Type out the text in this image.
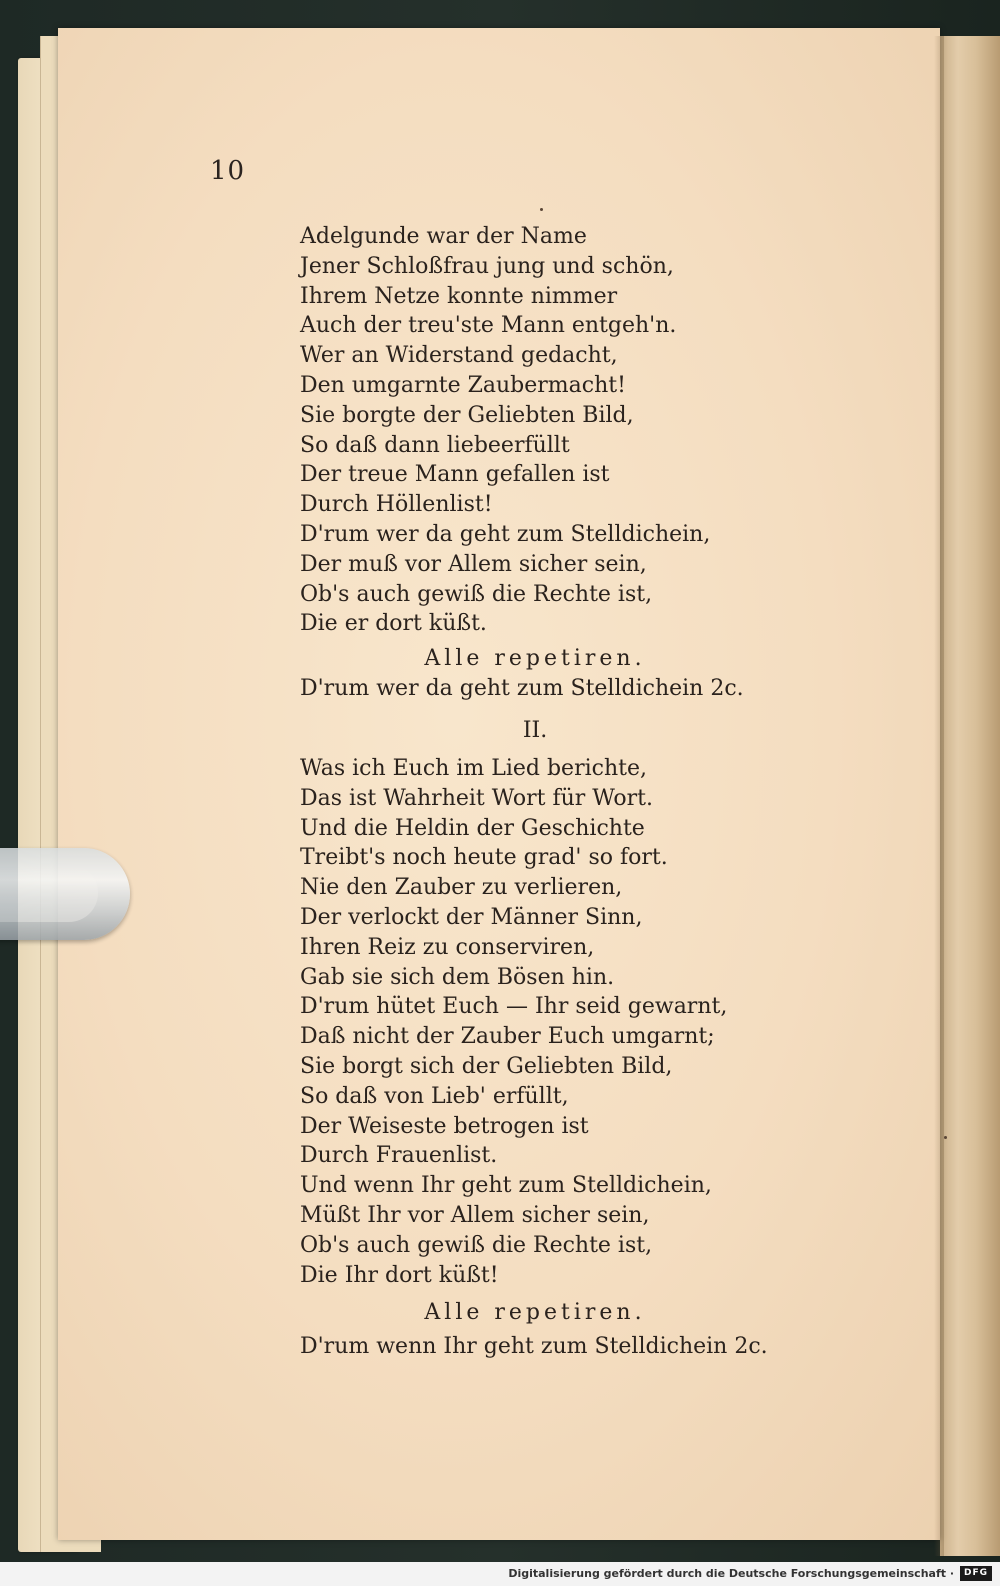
10
Adelgunde war der Name
Jener Schloßfrau jung und schön,
Ihrem Netze konnte nimmer
Auch der treu'ste Mann entgeh'n.
Wer an Widerstand gedacht,
Den umgarnte Zaubermacht!
Sie borgte der Geliebten Bild,
So daß dann liebeerfüllt
Der treue Mann gefallen ist
Durch Höllenlist!
D'rum wer da geht zum Stelldichein,
Der muß vor Allem sicher sein,
Ob's auch gewiß die Rechte ist,
Die er dort küßt.
Alle repetiren.
D'rum wer da geht zum Stelldichein 2c.
II.
Was ich Euch im Lied berichte,
Das ist Wahrheit Wort für Wort.
Und die Heldin der Geschichte
Treibt's noch heute grad' so fort.
Nie den Zauber zu verlieren,
Der verlockt der Männer Sinn,
Ihren Reiz zu conserviren,
Gab sie sich dem Bösen hin.
D'rum hütet Euch — Ihr seid gewarnt,
Daß nicht der Zauber Euch umgarnt;
Sie borgt sich der Geliebten Bild,
So daß von Lieb' erfüllt,
Der Weiseste betrogen ist
Durch Frauenlist.
Und wenn Ihr geht zum Stelldichein,
Müßt Ihr vor Allem sicher sein,
Ob's auch gewiß die Rechte ist,
Die Ihr dort küßt!
Alle repetiren.
D'rum wenn Ihr geht zum Stelldichein 2c.
Digitalisierung gefördert durch die Deutsche Forschungsgemeinschaft ·	DFG
